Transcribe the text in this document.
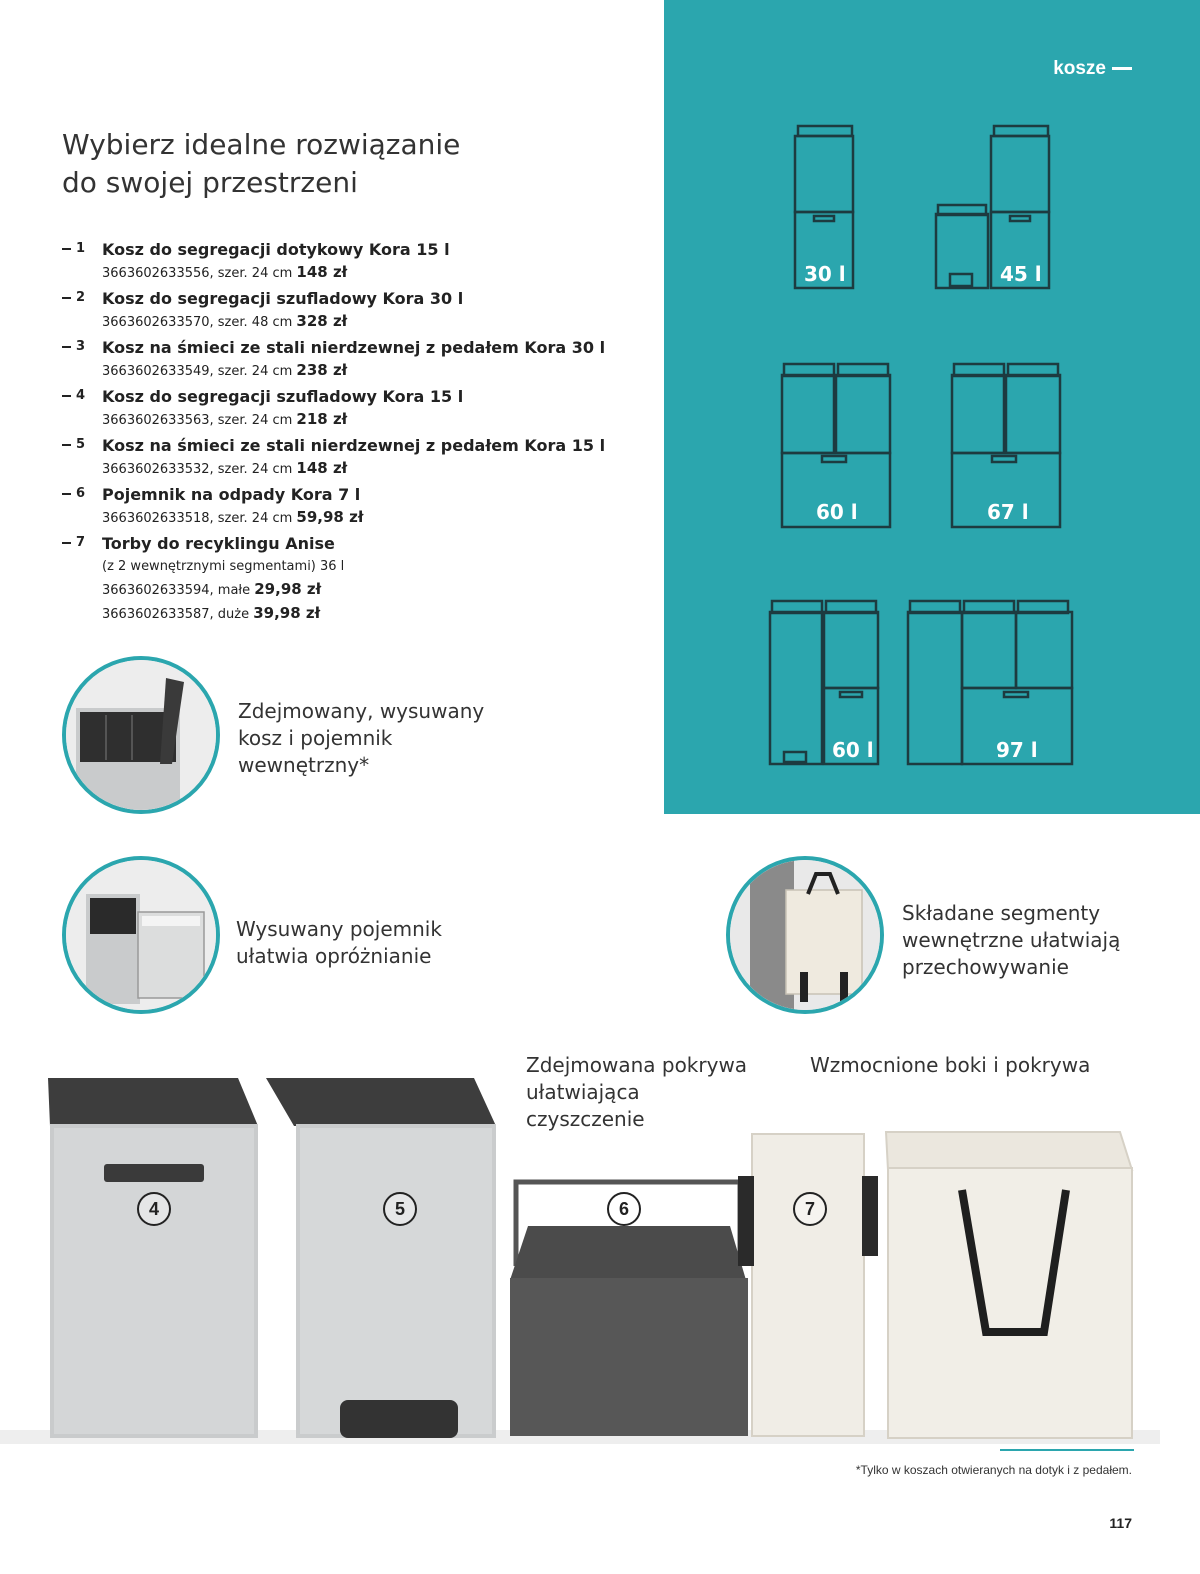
kosze
30 l	45 l
60 l	67 l
60 l	97 l
Wybierz idealne rozwiązanie
do swojej przestrzeni
1 Kosz do segregacji dotykowy Kora 15 l
3663602633556, szer. 24 cm 148 zł
2 Kosz do segregacji szufladowy Kora 30 l
3663602633570, szer. 48 cm 328 zł
3 Kosz na śmieci ze stali nierdzewnej z pedałem Kora 30 l
3663602633549, szer. 24 cm 238 zł
4 Kosz do segregacji szufladowy Kora 15 l
3663602633563, szer. 24 cm 218 zł
5 Kosz na śmieci ze stali nierdzewnej z pedałem Kora 15 l
3663602633532, szer. 24 cm 148 zł
6 Pojemnik na odpady Kora 7 l
3663602633518, szer. 24 cm 59,98 zł
7 Torby do recyklingu Anise
(z 2 wewnętrznymi segmentami) 36 l
3663602633594, małe 29,98 zł
3663602633587, duże 39,98 zł
Zdejmowany, wysuwany
kosz i pojemnik
wewnętrzny*
Wysuwany pojemnik
ułatwia opróżnianie
Składane segmenty
wewnętrzne ułatwiają
przechowywanie
Zdejmowana pokrywa
ułatwiająca
czyszczenie
Wzmocnione boki i pokrywa
4	5	6	7
*Tylko w koszach otwieranych na dotyk i z pedałem.
117
